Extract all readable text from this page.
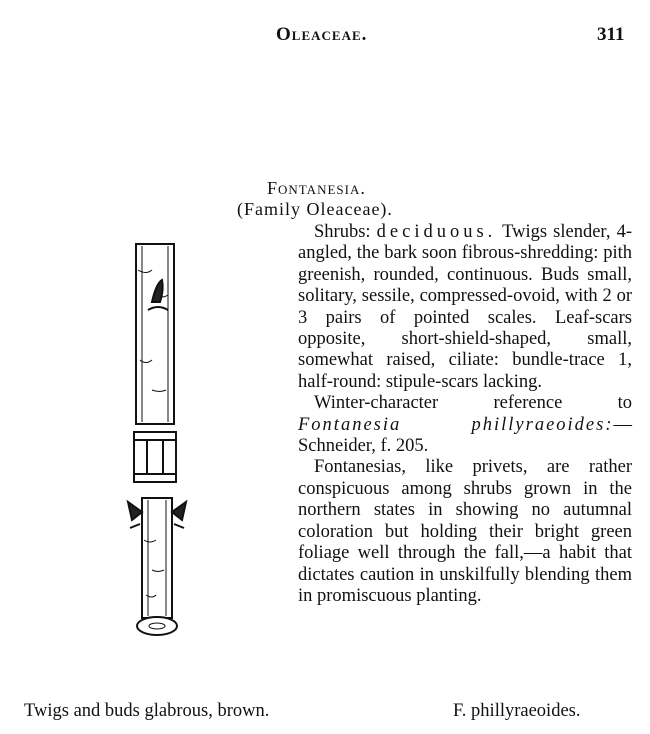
Oleaceae.	311
Fontanesia.
(Family Oleaceae).

Shrubs: deciduous. Twigs slender, 4-angled, the bark soon fibrous-shredding: pith greenish, rounded, continuous. Buds small, solitary, sessile, compressed-ovoid, with 2 or 3 pairs of pointed scales. Leaf-scars opposite, short-shield-shaped, small, somewhat raised, ciliate: bundle-trace 1, half-round: stipule-scars lacking.

Winter-character reference to Fontanesia phillyraeoides:— Schneider, f. 205.

Fontanesias, like privets, are rather conspicuous among shrubs grown in the northern states in showing no autumnal coloration but holding their bright green foliage well through the fall,—a habit that dictates caution in unskilfully blending them in promiscuous planting.

Twigs and buds glabrous, brown.	F. phillyraeoides.
